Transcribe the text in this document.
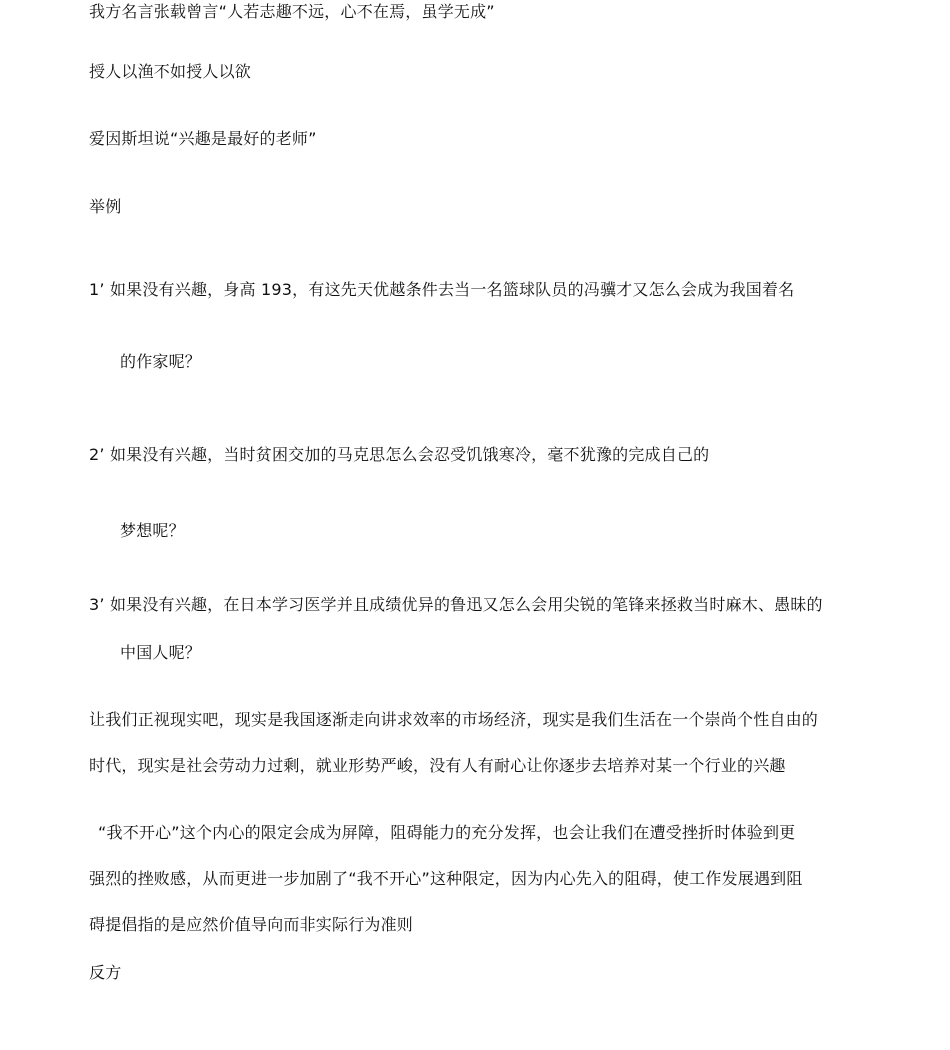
我方名言张载曾言“人若志趣不远，心不在焉，虽学无成”
授人以渔不如授人以欲
爱因斯坦说“兴趣是最好的老师”
举例
1’ 如果没有兴趣，身高 193，有这先天优越条件去当一名篮球队员的冯骥才又怎么会成为我国着名
的作家呢？
2’ 如果没有兴趣，当时贫困交加的马克思怎么会忍受饥饿寒冷，毫不犹豫的完成自己的
梦想呢？
3’ 如果没有兴趣，在日本学习医学并且成绩优异的鲁迅又怎么会用尖锐的笔锋来拯救当时麻木、愚昧的
中国人呢？
让我们正视现实吧，现实是我国逐渐走向讲求效率的市场经济，现实是我们生活在一个崇尚个性自由的
时代，现实是社会劳动力过剩，就业形势严峻，没有人有耐心让你逐步去培养对某一个行业的兴趣
“我不开心”这个内心的限定会成为屏障，阻碍能力的充分发挥，也会让我们在遭受挫折时体验到更
强烈的挫败感，从而更进一步加剧了“我不开心”这种限定，因为内心先入的阻碍，使工作发展遇到阻
碍提倡指的是应然价值导向而非实际行为准则
反方
